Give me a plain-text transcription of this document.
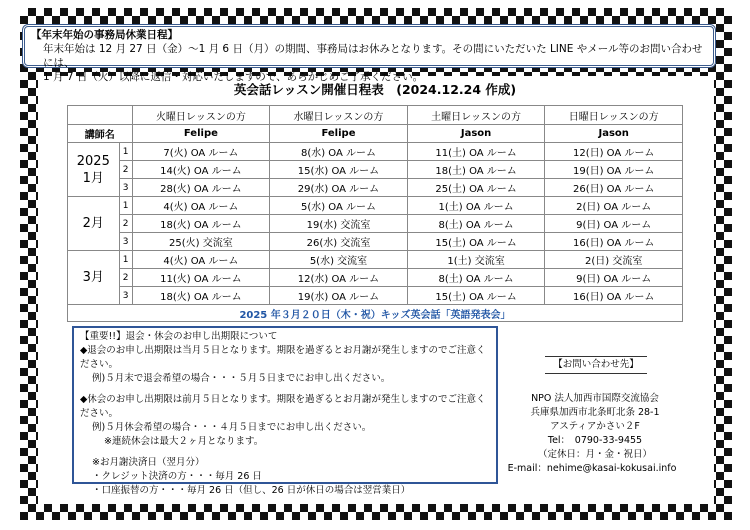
【年末年始の事務局休業日程】
年末年始は 12 月 27 日（金）～1 月 6 日（月）の期間、事務局はお休みとなります。その間にいただいた LINE やメール等のお問い合わせには、
1 月 7 日（火）以降に返信・対応いたしますので、あらかじめご了承ください。
英会話レッスン開催日程表　(2024.12.24 作成)
		火曜日レッスンの方	水曜日レッスンの方	土曜日レッスンの方	日曜日レッスンの方
講師名		Felipe	Felipe	Jason	Jason

2025
1月	1	7(火) OA ルーム	8(水) OA ルーム	11(土) OA ルーム	12(日) OA ルーム
	2	14(火) OA ルーム	15(水) OA ルーム	18(土) OA ルーム	19(日) OA ルーム
	3	28(火) OA ルーム	29(水) OA ルーム	25(土) OA ルーム	26(日) OA ルーム

2月	1	4(火) OA ルーム	5(水) OA ルーム	1(土) OA ルーム	2(日) OA ルーム
	2	18(火) OA ルーム	19(水) 交流室	8(土) OA ルーム	9(日) OA ルーム
	3	25(火) 交流室	26(水) 交流室	15(土) OA ルーム	16(日) OA ルーム

3月	1	4(火) OA ルーム	5(水) 交流室	1(土) 交流室	2(日) 交流室
	2	11(火) OA ルーム	12(水) OA ルーム	8(土) OA ルーム	9(日) OA ルーム
	3	18(火) OA ルーム	19(水) OA ルーム	15(土) OA ルーム	16(日) OA ルーム
2025 年３月２０日（木・祝）キッズ英会話「英語発表会」					

【重要!!】退会・休会のお申し出期限について

◆退会のお申し出期限は当月５日となります。期限を過ぎるとお月謝が発生しますのでご注意ください。

例)５月末で退会希望の場合・・・５月５日までにお申し出ください。

◆休会のお申し出期限は前月５日となります。期限を過ぎるとお月謝が発生しますのでご注意ください。

例)５月休会希望の場合・・・４月５日までにお申し出ください。

※連続休会は最大２ヶ月となります。

※お月謝決済日（翌月分）

・クレジット決済の方・・・毎月 26 日

・口座振替の方・・・毎月 26 日（但し、26 日が休日の場合は翌営業日）

【お問い合わせ先】

NPO 法人加西市国際交流協会

兵庫県加西市北条町北条 28-1

アスティアかさい２F

Tel：　0790-33-9455

（定休日：月・金・祝日）

E-mail：nehime@kasai-kokusai.info
